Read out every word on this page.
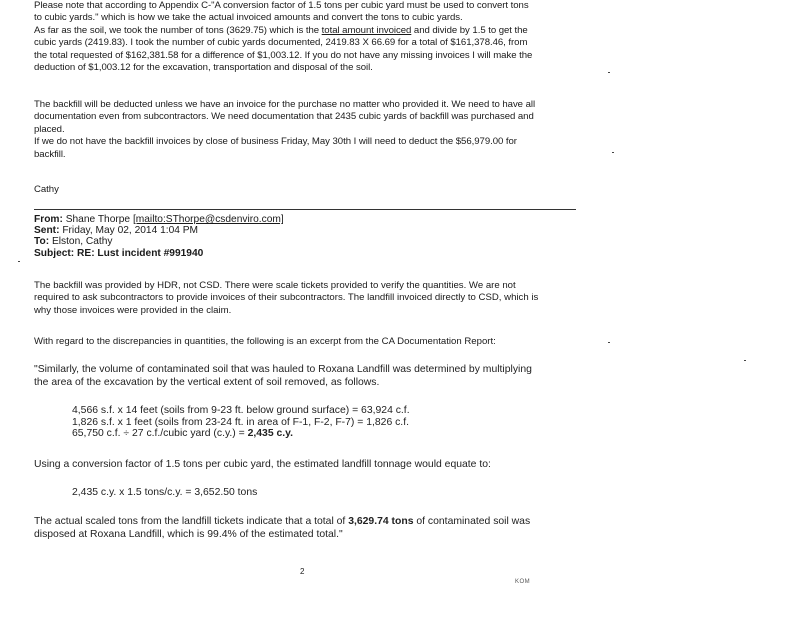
Please note that according to Appendix C-"A conversion factor of 1.5 tons per cubic yard must be used to convert tons

to cubic yards." which is how we take the actual invoiced amounts and convert the tons to cubic yards.

As far as the soil, we took the number of tons (3629.75) which is the total amount invoiced and divide by 1.5 to get the

cubic yards (2419.83). I took the number of cubic yards documented, 2419.83 X 66.69 for a total of $161,378.46, from

the total requested of $162,381.58 for a difference of $1,003.12. If you do not have any missing invoices I will make the

deduction of $1,003.12 for the excavation, transportation and disposal of the soil.

The backfill will be deducted unless we have an invoice for the purchase no matter who provided it. We need to have all

documentation even from subcontractors. We need documentation that 2435 cubic yards of backfill was purchased and

placed.

If we do not have the backfill invoices by close of business Friday, May 30th I will need to deduct the $56,979.00 for

backfill.

Cathy
From: Shane Thorpe [mailto:SThorpe@csdenviro.com]
Sent: Friday, May 02, 2014 1:04 PM
To: Elston, Cathy
Subject: RE: Lust incident #991940

The backfill was provided by HDR, not CSD. There were scale tickets provided to verify the quantities. We are not

required to ask subcontractors to provide invoices of their subcontractors. The landfill invoiced directly to CSD, which is

why those invoices were provided in the claim.

With regard to the discrepancies in quantities, the following is an excerpt from the CA Documentation Report:

"Similarly, the volume of contaminated soil that was hauled to Roxana Landfill was determined by multiplying

the area of the excavation by the vertical extent of soil removed, as follows.

4,566 s.f. x 14 feet (soils from 9-23 ft. below ground surface) = 63,924 c.f.
1,826 s.f. x 1 feet (soils from 23-24 ft. in area of F-1, F-2, F-7) = 1,826 c.f.
65,750 c.f. ÷ 27 c.f./cubic yard (c.y.) = 2,435 c.y.
Using a conversion factor of 1.5 tons per cubic yard, the estimated landfill tonnage would equate to:
2,435 c.y. x 1.5 tons/c.y. = 3,652.50 tons

The actual scaled tons from the landfill tickets indicate that a total of 3,629.74 tons of contaminated soil was

disposed at Roxana Landfill, which is 99.4% of the estimated total."

2
KOM
